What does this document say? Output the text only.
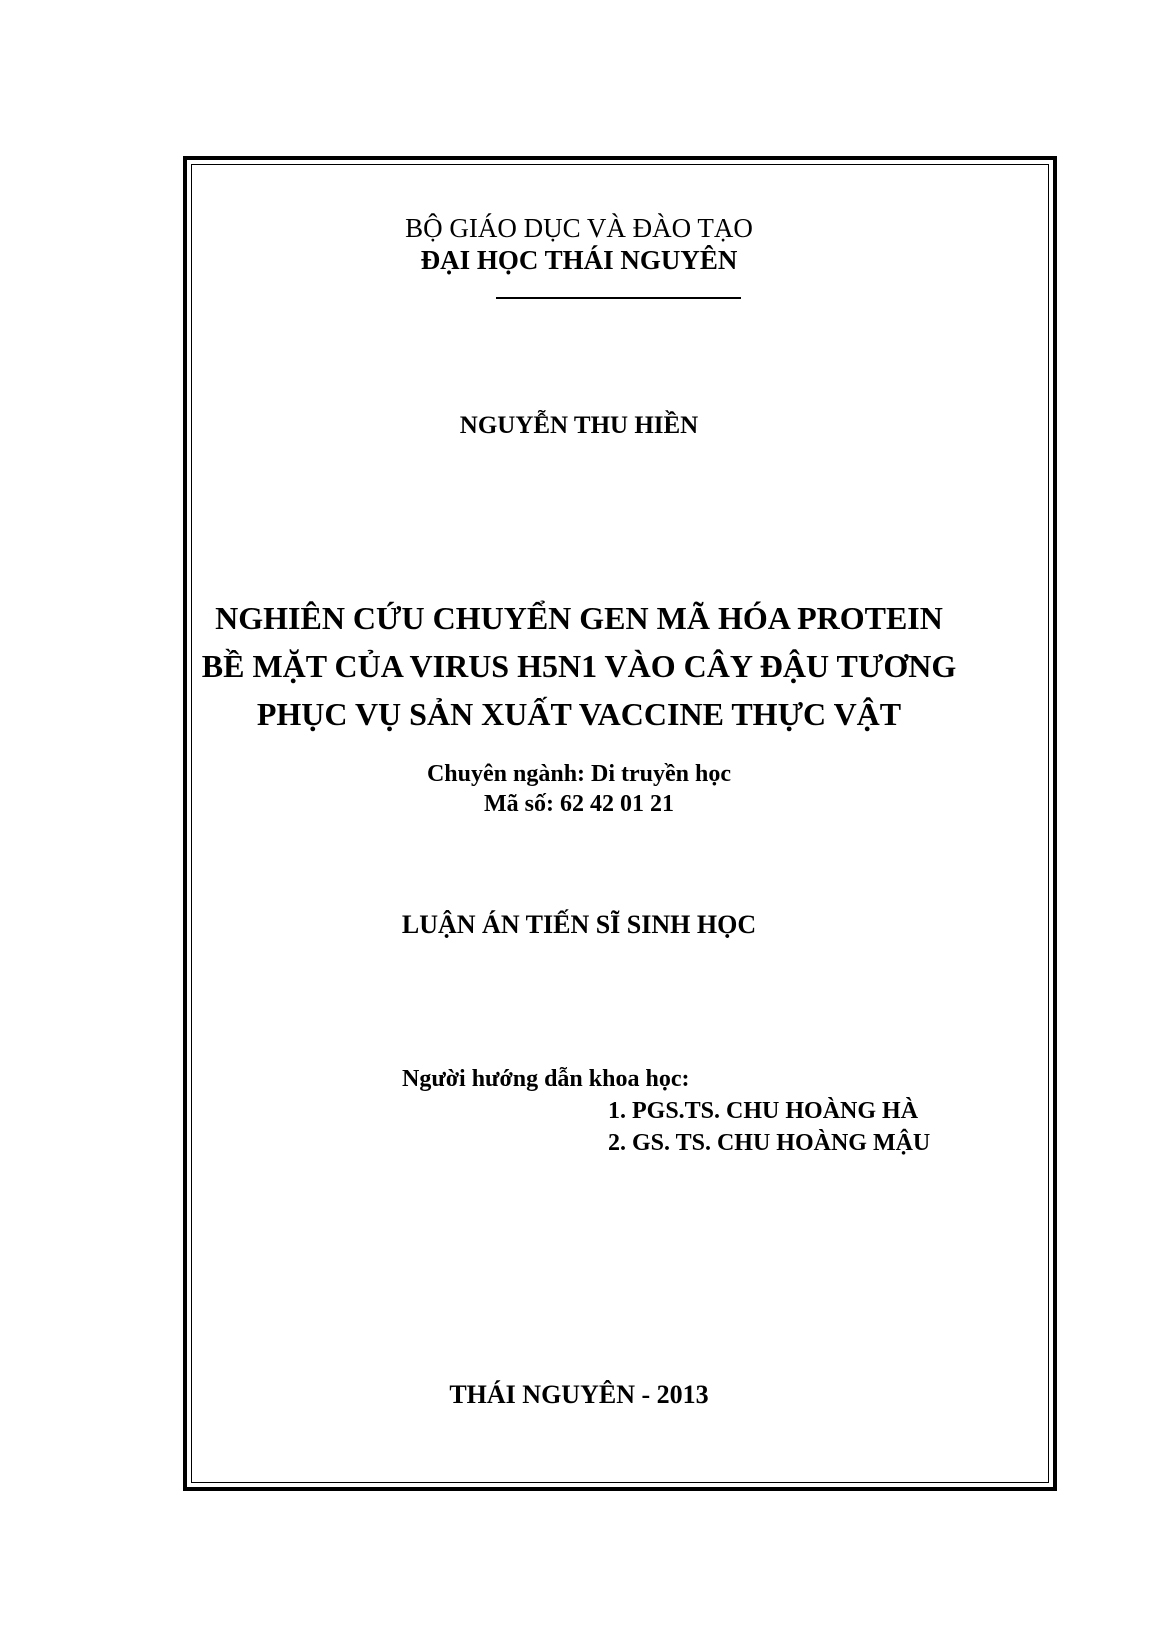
BỘ GIÁO DỤC VÀ ĐÀO TẠO
ĐẠI HỌC THÁI NGUYÊN
NGUYỄN THU HIỀN
NGHIÊN CỨU CHUYỂN GEN MÃ HÓA PROTEIN
BỀ MẶT CỦA VIRUS H5N1 VÀO CÂY ĐẬU TƯƠNG
PHỤC VỤ SẢN XUẤT VACCINE THỰC VẬT
Chuyên ngành: Di truyền học
Mã số: 62 42 01 21
LUẬN ÁN TIẾN SĨ SINH HỌC
Người hướng dẫn khoa học:
1. PGS.TS. CHU HOÀNG HÀ
2. GS. TS. CHU HOÀNG MẬU
THÁI NGUYÊN - 2013
